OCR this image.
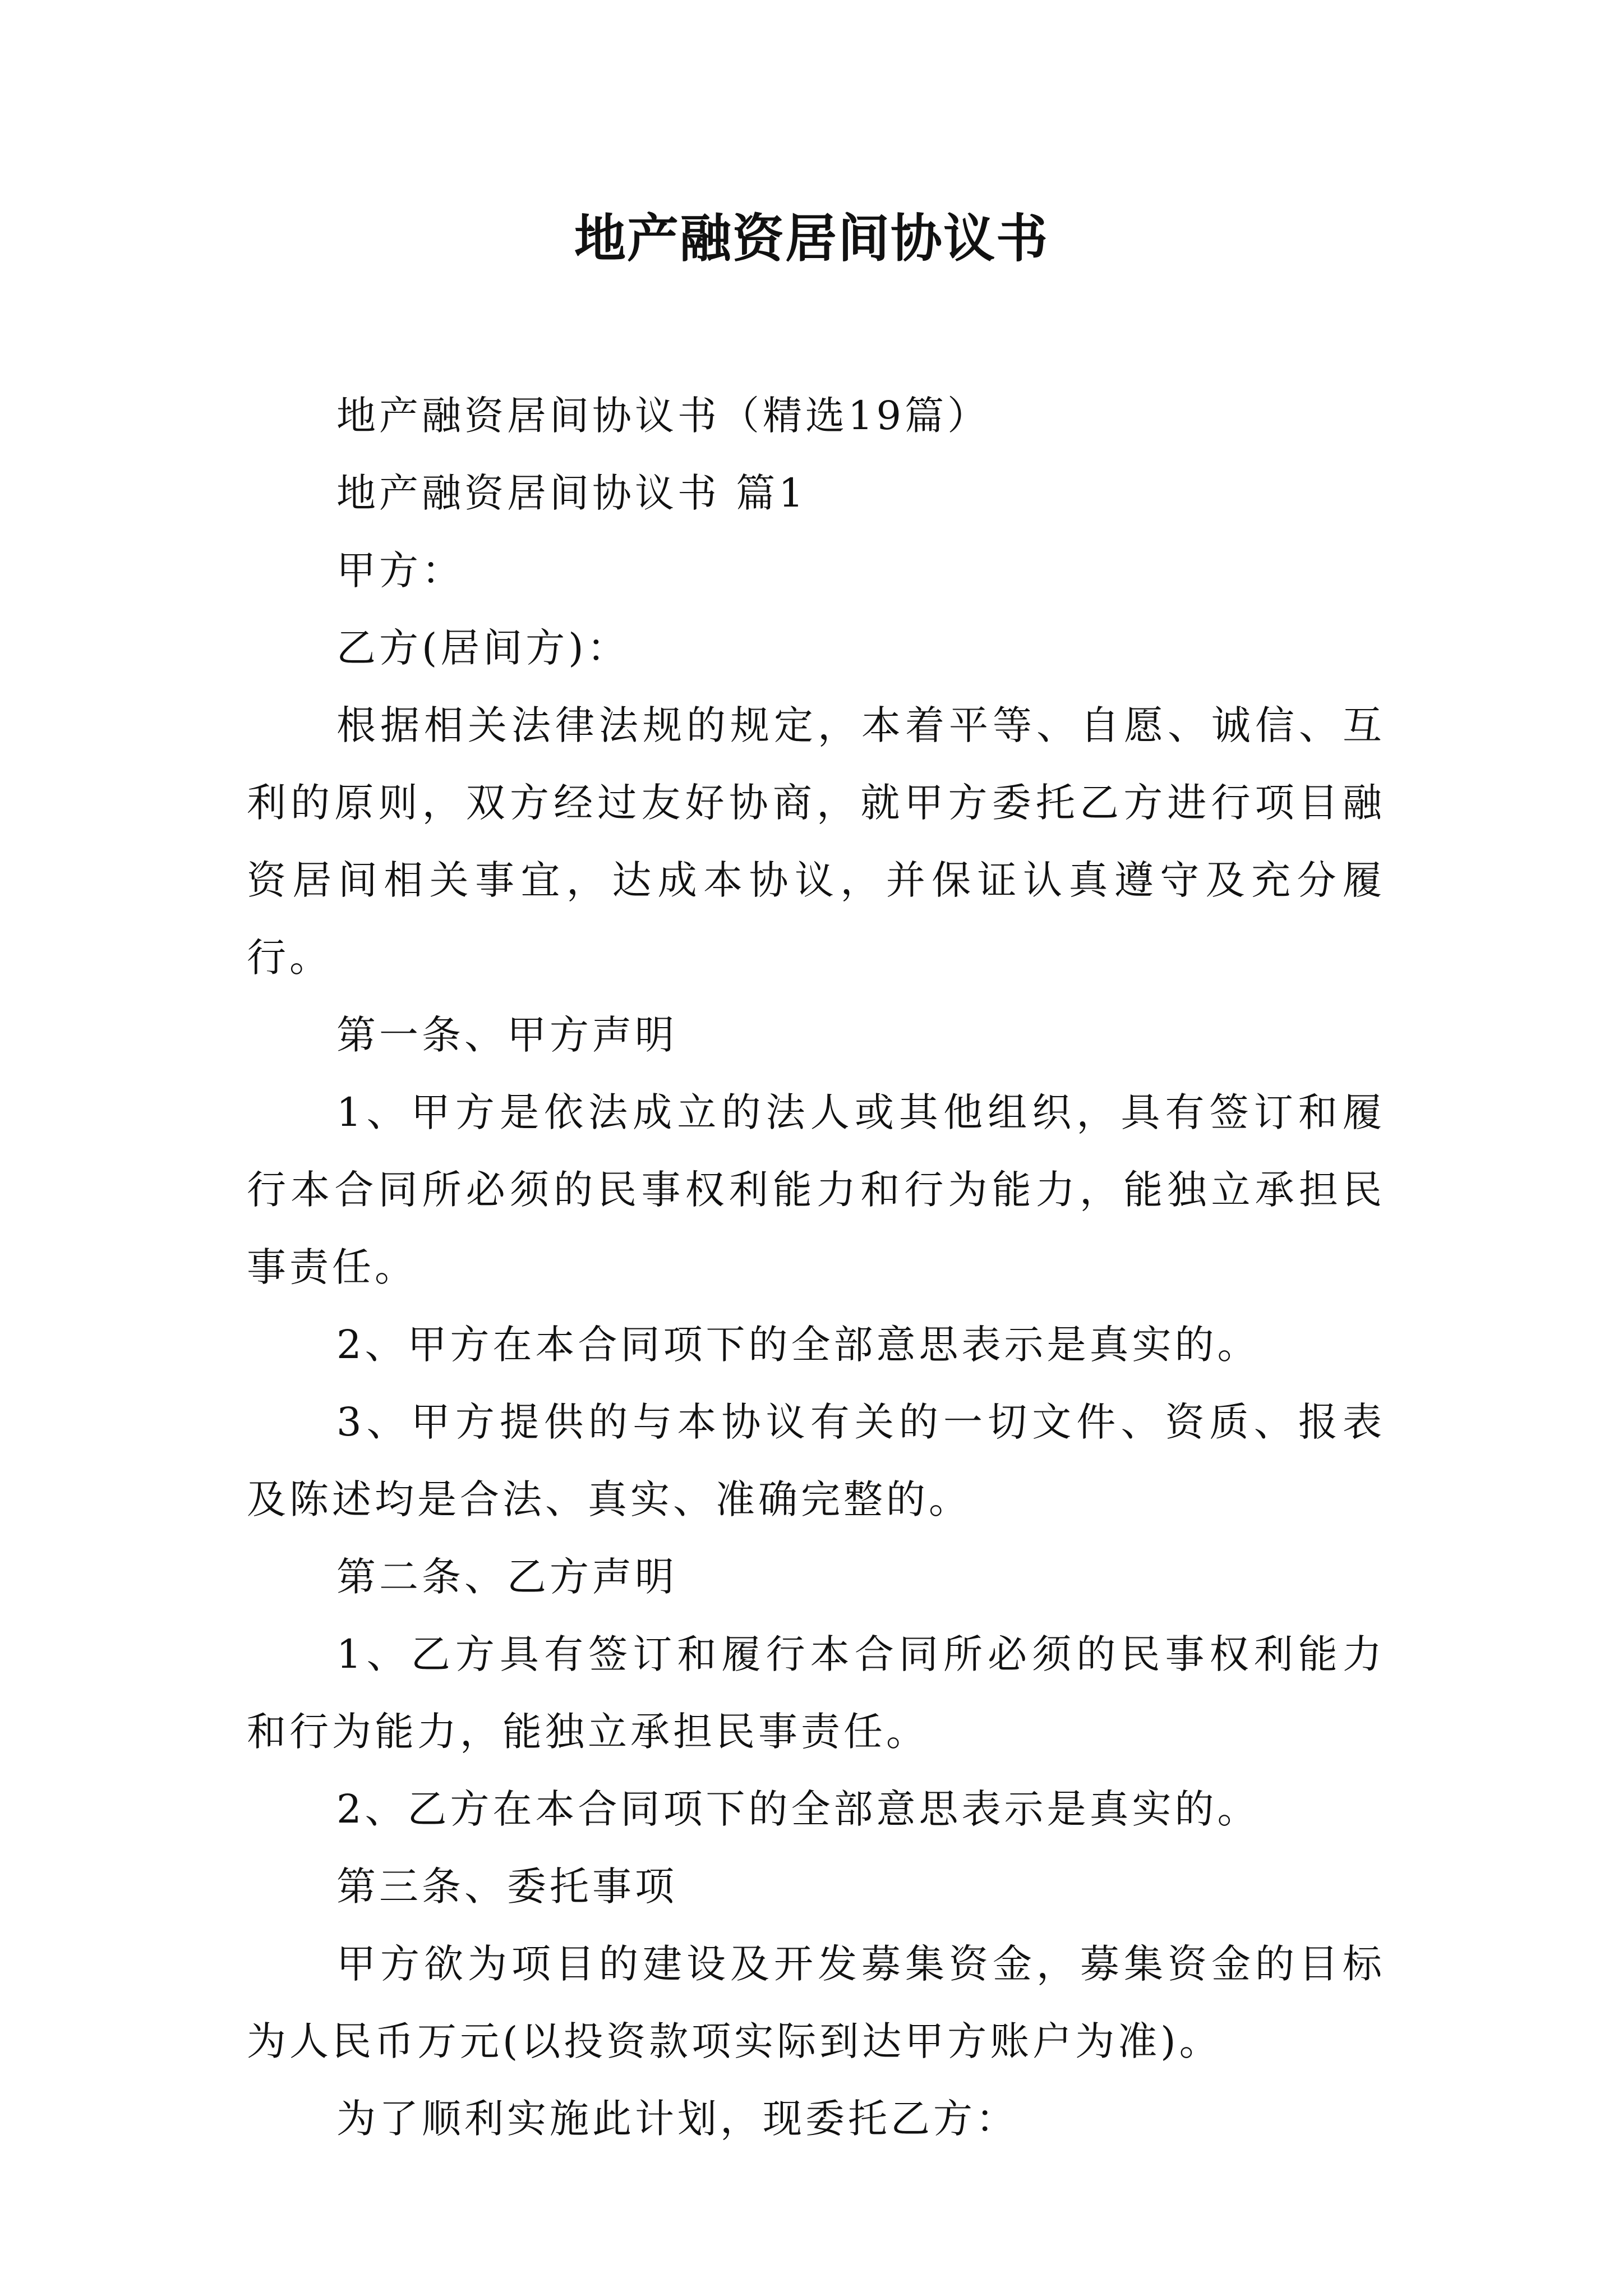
地产融资居间协议书

地产融资居间协议书（精选19篇）

地产融资居间协议书 篇1

甲方：

乙方(居间方)：

根据相关法律法规的规定，本着平等、自愿、诚信、互利的原则，双方经过友好协商，就甲方委托乙方进行项目融资居间相关事宜，达成本协议，并保证认真遵守及充分履行。

第一条、甲方声明

1、甲方是依法成立的法人或其他组织，具有签订和履行本合同所必须的民事权利能力和行为能力，能独立承担民事责任。

2、甲方在本合同项下的全部意思表示是真实的。

3、甲方提供的与本协议有关的一切文件、资质、报表及陈述均是合法、真实、准确完整的。

第二条、乙方声明

1、乙方具有签订和履行本合同所必须的民事权利能力和行为能力，能独立承担民事责任。

2、乙方在本合同项下的全部意思表示是真实的。

第三条、委托事项

甲方欲为项目的建设及开发募集资金，募集资金的目标为人民币万元(以投资款项实际到达甲方账户为准)。

为了顺利实施此计划，现委托乙方：
